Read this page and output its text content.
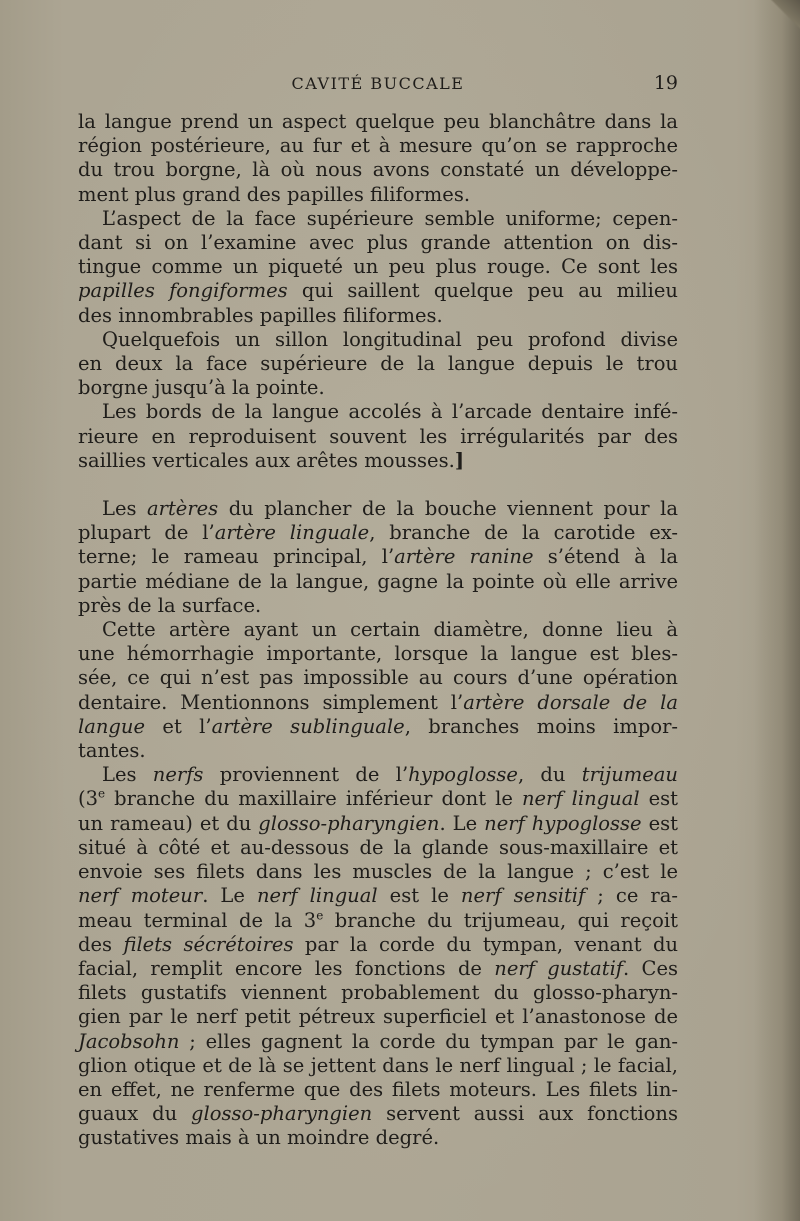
CAVITÉ BUCCALE	19

la langue prend un aspect quelque peu blanchâtre dans la

région postérieure, au fur et à mesure qu’on se rapproche

du trou borgne, là où nous avons constaté un développe-

ment plus grand des papilles filiformes.

L’aspect de la face supérieure semble uniforme; cepen-

dant si on l’examine avec plus grande attention on dis-

tingue comme un piqueté un peu plus rouge. Ce sont les

papilles fongiformes qui saillent quelque peu au milieu

des innombrables papilles filiformes.

Quelquefois un sillon longitudinal peu profond divise

en deux la face supérieure de la langue depuis le trou

borgne jusqu’à la pointe.

Les bords de la langue accolés à l’arcade dentaire infé-

rieure en reproduisent souvent les irrégularités par des

saillies verticales aux arêtes mousses.]

Les artères du plancher de la bouche viennent pour la

plupart de l’artère linguale, branche de la carotide ex-

terne; le rameau principal, l’artère ranine s’étend à la

partie médiane de la langue, gagne la pointe où elle arrive

près de la surface.

Cette artère ayant un certain diamètre, donne lieu à

une hémorrhagie importante, lorsque la langue est bles-

sée, ce qui n’est pas impossible au cours d’une opération

dentaire. Mentionnons simplement l’artère dorsale de la

langue et l’artère sublinguale, branches moins impor-

tantes.

Les nerfs proviennent de l’hypoglosse, du trijumeau

(3e branche du maxillaire inférieur dont le nerf lingual est

un rameau) et du glosso-pharyngien. Le nerf hypoglosse est

situé à côté et au-dessous de la glande sous-maxillaire et

envoie ses filets dans les muscles de la langue ; c’est le

nerf moteur. Le nerf lingual est le nerf sensitif ; ce ra-

meau terminal de la 3e branche du trijumeau, qui reçoit

des filets sécrétoires par la corde du tympan, venant du

facial, remplit encore les fonctions de nerf gustatif. Ces

filets gustatifs viennent probablement du glosso-pharyn-

gien par le nerf petit pétreux superficiel et l’anastonose de

Jacobsohn ; elles gagnent la corde du tympan par le gan-

glion otique et de là se jettent dans le nerf lingual ; le facial,

en effet, ne renferme que des filets moteurs. Les filets lin-

guaux du glosso-pharyngien servent aussi aux fonctions

gustatives mais à un moindre degré.
